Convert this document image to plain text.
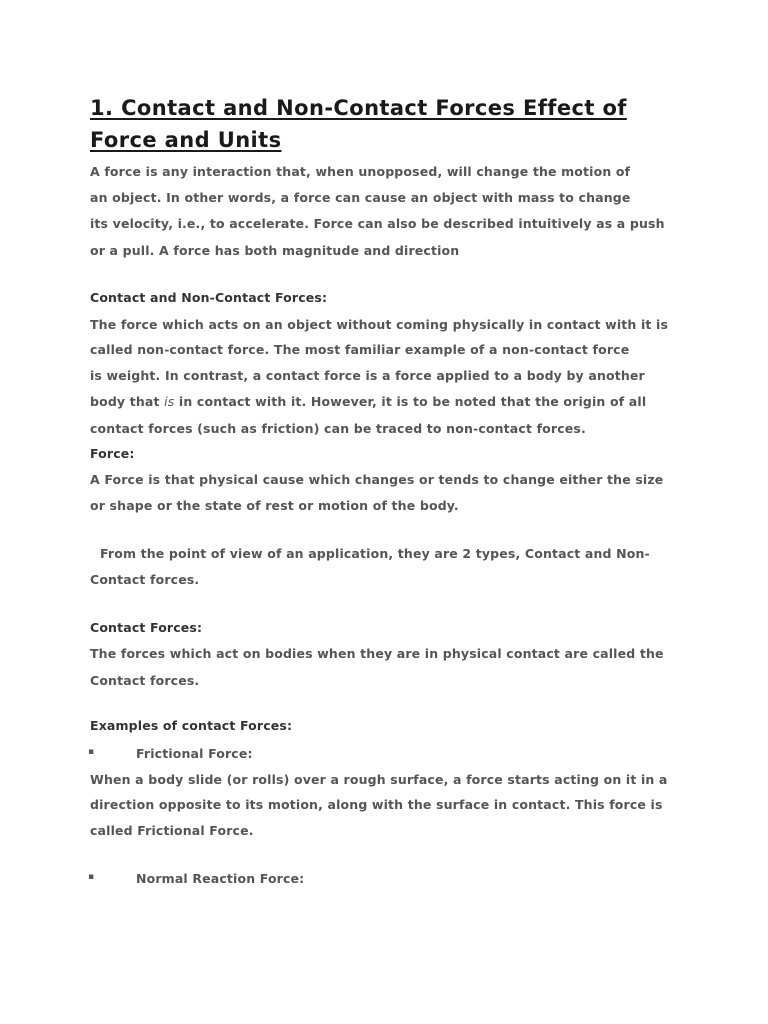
1. Contact and Non-Contact Forces Effect of
Force and Units
A force is any interaction that, when unopposed, will change the motion of
an object. In other words, a force can cause an object with mass to change
its velocity, i.e., to accelerate. Force can also be described intuitively as a push
or a pull. A force has both magnitude and direction
Contact and Non-Contact Forces:
The force which acts on an object without coming physically in contact with it is
called non-contact force. The most familiar example of a non-contact force
is weight. In contrast, a contact force is a force applied to a body by another
body that is in contact with it. However, it is to be noted that the origin of all
contact forces (such as friction) can be traced to non-contact forces.
Force:
A Force is that physical cause which changes or tends to change either the size
or shape or the state of rest or motion of the body.
From the point of view of an application, they are 2 types, Contact and Non-
Contact forces.
Contact Forces:
The forces which act on bodies when they are in physical contact are called the
Contact forces.
Examples of contact Forces:
▪	Frictional Force:
When a body slide (or rolls) over a rough surface, a force starts acting on it in a
direction opposite to its motion, along with the surface in contact. This force is
called Frictional Force.
▪	Normal Reaction Force:
